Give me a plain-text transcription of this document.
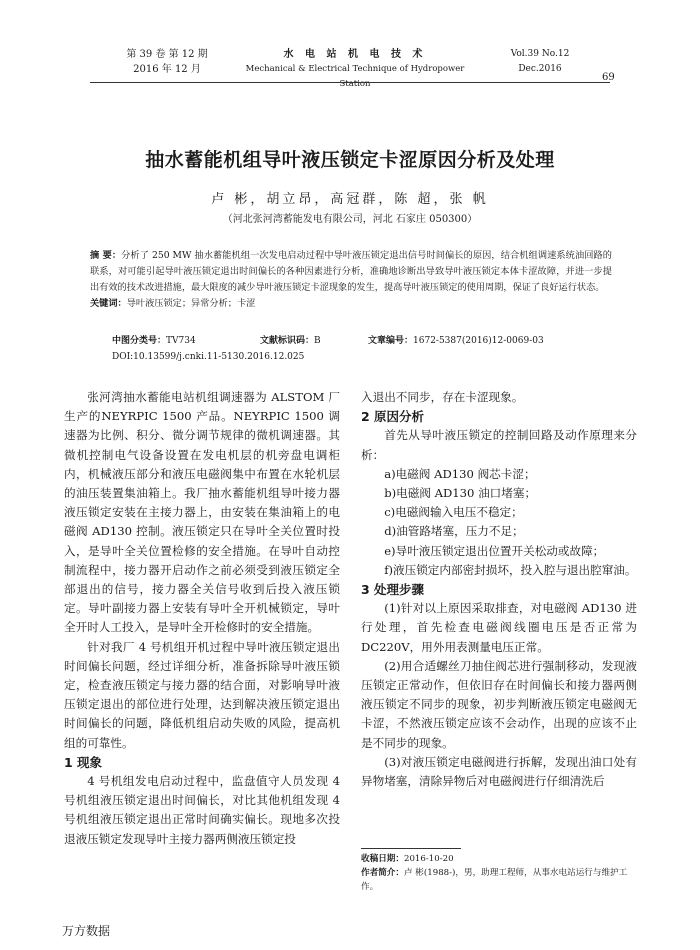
第 39 卷 第 12 期
2016 年 12 月
水 电 站 机 电 技 术
Mechanical & Electrical Technique of Hydropower Station
Vol.39 No.12
Dec.2016
69
抽水蓄能机组导叶液压锁定卡涩原因分析及处理
卢 彬，胡立昂，高冠群，陈 超，张 帆
（河北张河湾蓄能发电有限公司，河北 石家庄 050300）
摘 要：分析了 250 MW 抽水蓄能机组一次发电启动过程中导叶液压锁定退出信号时间偏长的原因，结合机组调速系统油回路的联系，对可能引起导叶液压锁定退出时间偏长的各种因素进行分析，准确地诊断出导致导叶液压锁定本体卡涩故障，并进一步提出有效的技术改进措施，最大限度的减少导叶液压锁定卡涩现象的发生，提高导叶液压锁定的使用周期，保证了良好运行状态。
关键词：导叶液压锁定；异常分析；卡涩
中图分类号：TV734	文献标识码：B	文章编号：1672-5387(2016)12-0069-03
DOI:10.13599/j.cnki.11-5130.2016.12.025

张河湾抽水蓄能电站机组调速器为 ALSTOM 厂生产的NEYRPIC 1500 产品。NEYRPIC 1500 调速器为比例、积分、微分调节规律的微机调速器。其微机控制电气设备设置在发电机层的机旁盘电调柜内，机械液压部分和液压电磁阀集中布置在水轮机层的油压装置集油箱上。我厂抽水蓄能机组导叶接力器液压锁定安装在主接力器上，由安装在集油箱上的电磁阀 AD130 控制。液压锁定只在导叶全关位置时投入，是导叶全关位置检修的安全措施。在导叶自动控制流程中，接力器开启动作之前必须受到液压锁定全部退出的信号，接力器全关信号收到后投入液压锁定。导叶副接力器上安装有导叶全开机械锁定，导叶全开时人工投入，是导叶全开检修时的安全措施。

针对我厂 4 号机组开机过程中导叶液压锁定退出时间偏长问题，经过详细分析，准备拆除导叶液压锁定，检查液压锁定与接力器的结合面，对影响导叶液压锁定退出的部位进行处理，达到解决液压锁定退出时间偏长的问题，降低机组启动失败的风险，提高机组的可靠性。

1 现象

4 号机组发电启动过程中，监盘值守人员发现 4 号机组液压锁定退出时间偏长，对比其他机组发现 4 号机组液压锁定退出正常时间确实偏长。现地多次投退液压锁定发现导叶主接力器两侧液压锁定投

入退出不同步，存在卡涩现象。

2 原因分析

首先从导叶液压锁定的控制回路及动作原理来分析：

a)电磁阀 AD130 阀芯卡涩；

b)电磁阀 AD130 油口堵塞；

c)电磁阀输入电压不稳定；

d)油管路堵塞，压力不足；

e)导叶液压锁定退出位置开关松动或故障；

f)液压锁定内部密封损坏，投入腔与退出腔窜油。

3 处理步骤

(1)针对以上原因采取排查，对电磁阀 AD130 进行处理，首先检查电磁阀线圈电压是否正常为 DC220V，用外用表测量电压正常。

(2)用合适螺丝刀抽住阀芯进行强制移动，发现液压锁定正常动作，但依旧存在时间偏长和接力器两侧液压锁定不同步的现象，初步判断液压锁定电磁阀无卡涩，不然液压锁定应该不会动作，出现的应该不止是不同步的现象。

(3)对液压锁定电磁阀进行拆解，发现出油口处有异物堵塞，清除异物后对电磁阀进行仔细清洗后

收稿日期：2016-10-20
作者简介：卢 彬(1988-)，男，助理工程师，从事水电站运行与维护工作。
万方数据
